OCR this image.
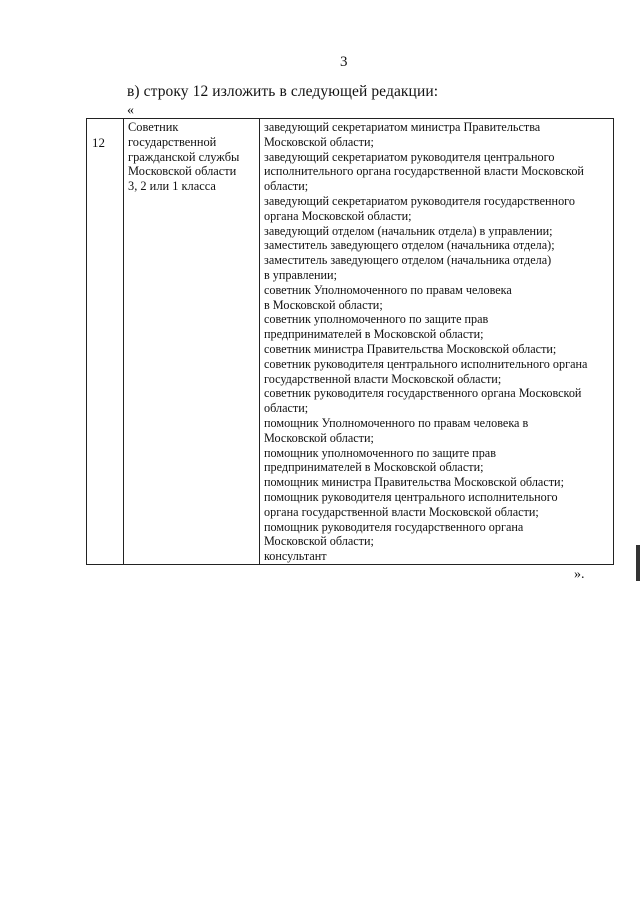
3
в) строку 12 изложить в следующей редакции:
«
12
Советник
государственной
гражданской службы
Московской области
3, 2 или 1 класса
заведующий секретариатом министра Правительства
Московской области;
заведующий секретариатом руководителя центрального
исполнительного органа государственной власти Московской
области;
заведующий секретариатом руководителя государственного
органа Московской области;
заведующий отделом (начальник отдела) в управлении;
заместитель заведующего отделом (начальника отдела);
заместитель заведующего отделом (начальника отдела)
в управлении;
советник Уполномоченного по правам человека
в Московской области;
советник уполномоченного по защите прав
предпринимателей в Московской области;
советник министра Правительства Московской области;
советник руководителя центрального исполнительного органа
государственной власти Московской области;
советник руководителя государственного органа Московской
области;
помощник Уполномоченного по правам человека в
Московской области;
помощник уполномоченного по защите прав
предпринимателей в Московской области;
помощник министра Правительства Московской области;
помощник руководителя центрального исполнительного
органа государственной власти Московской области;
помощник руководителя государственного органа
Московской области;
консультант
».
